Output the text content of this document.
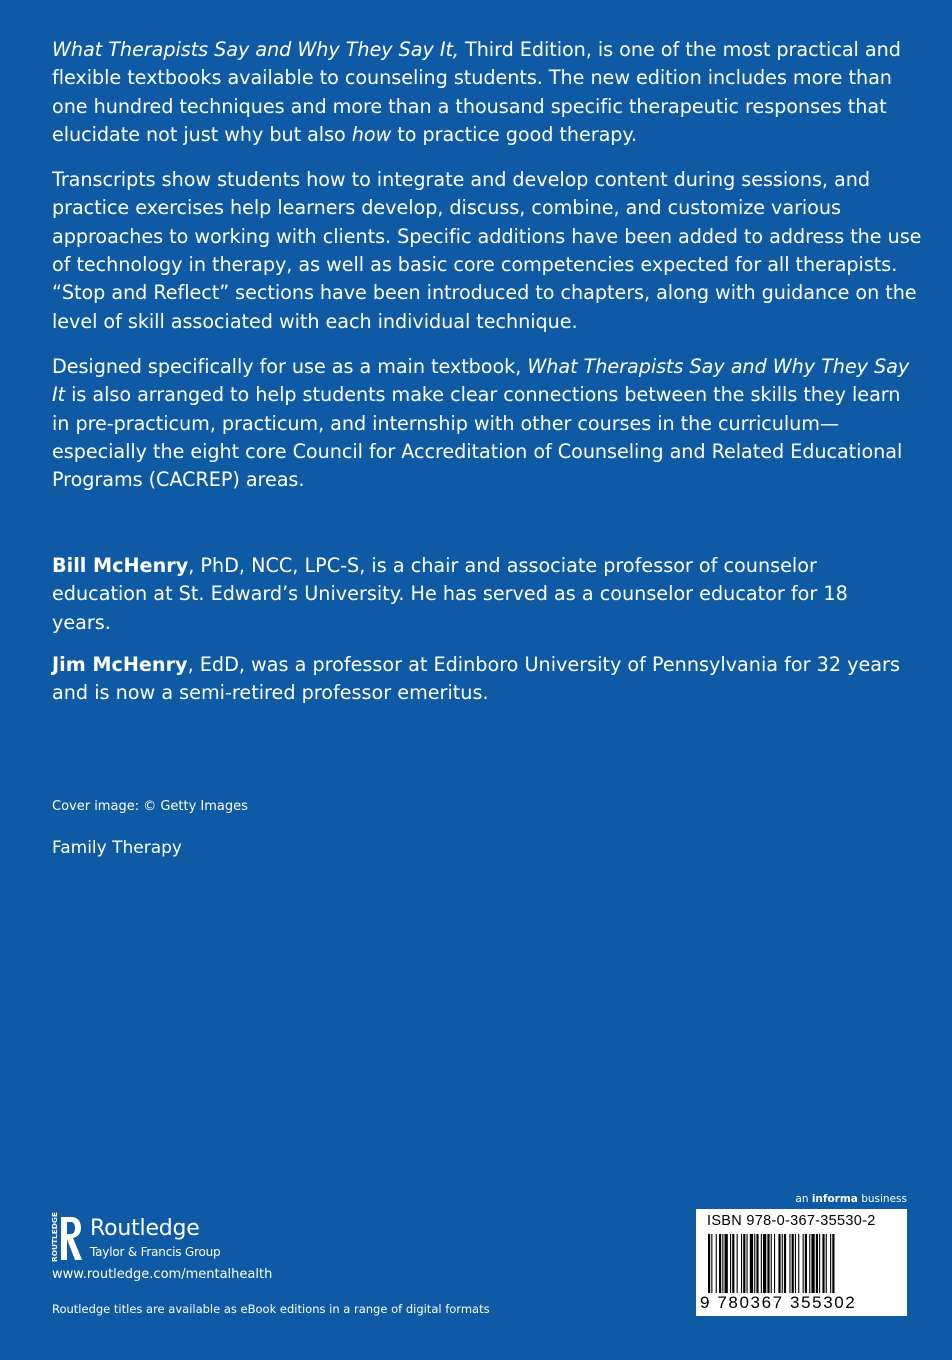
What Therapists Say and Why They Say It, Third Edition, is one of the most practical and flexible textbooks available to counseling students. The new edition includes more than one hundred techniques and more than a thousand specific therapeutic responses that elucidate not just why but also how to practice good therapy.

Transcripts show students how to integrate and develop content during sessions, and practice exercises help learners develop, discuss, combine, and customize various approaches to working with clients. Specific additions have been added to address the use of technology in therapy, as well as basic core competencies expected for all therapists. “Stop and Reflect” sections have been introduced to chapters, along with guidance on the level of skill associated with each individual technique.

Designed specifically for use as a main textbook, What Therapists Say and Why They Say It is also arranged to help students make clear connections between the skills they learn in pre-practicum, practicum, and internship with other courses in the curriculum—especially the eight core Council for Accreditation of Counseling and Related Educational Programs (CACREP) areas.

Bill McHenry, PhD, NCC, LPC-S, is a chair and associate professor of counselor education at St. Edward’s University. He has served as a counselor educator for 18 years.

Jim McHenry, EdD, was a professor at Edinboro University of Pennsylvania for 32 years and is now a semi-retired professor emeritus.

Cover image: © Getty Images
Family Therapy
ROUTLEDGE Routledge
Taylor & Francis Group
www.routledge.com/mentalhealth
Routledge titles are available as eBook editions in a range of digital formats
an informa business
ISBN 978-0-367-35530-2
9 780367 355302
